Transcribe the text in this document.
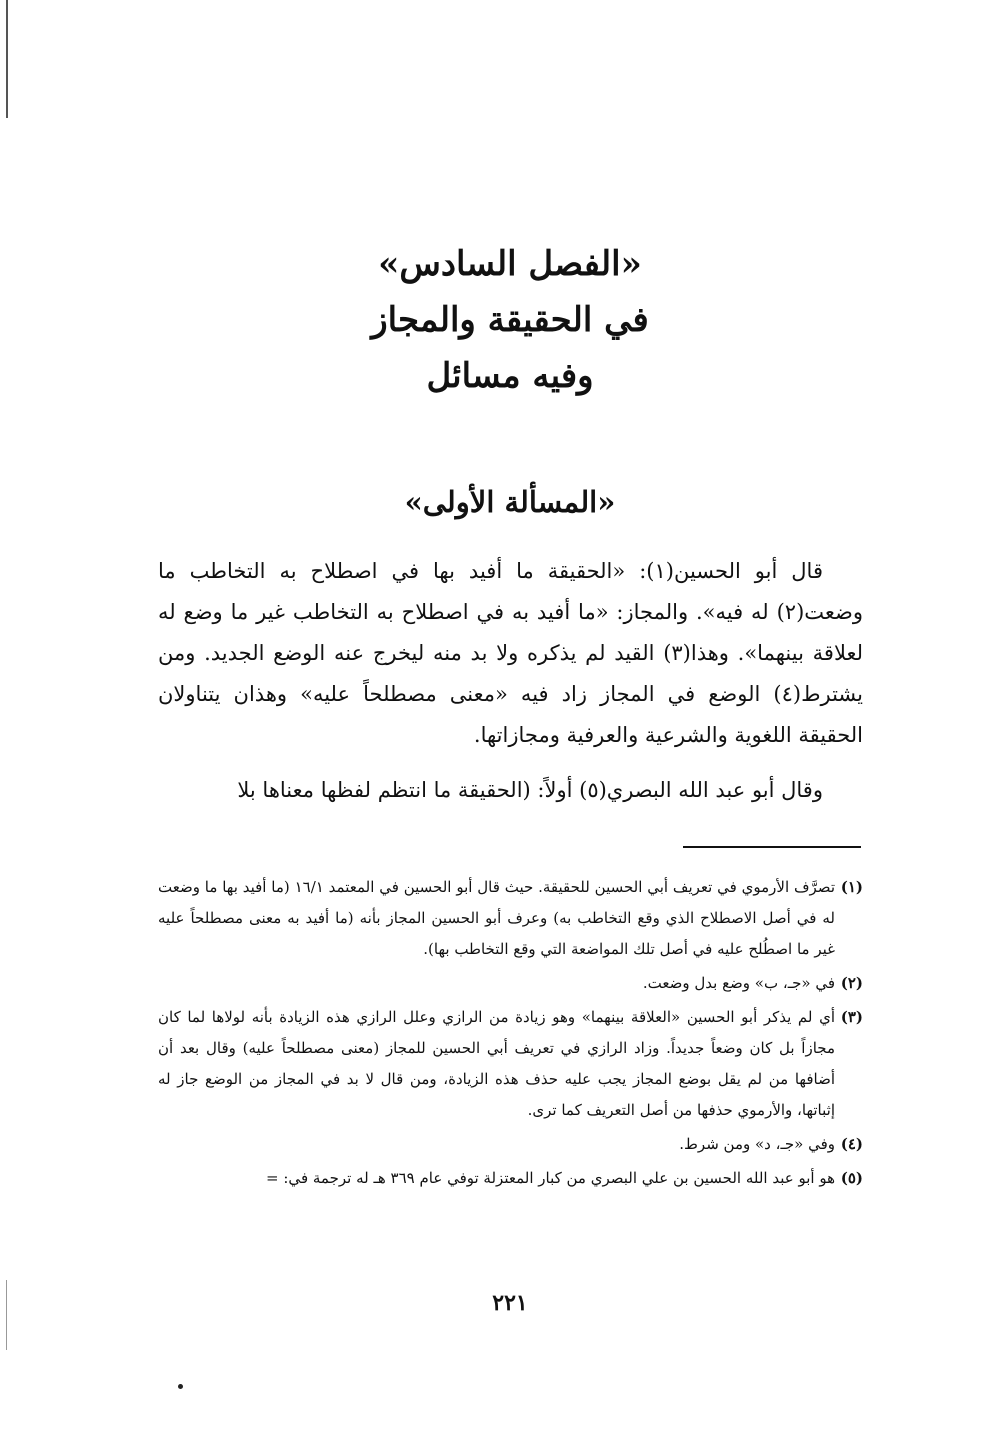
«الفصل السادس»
في الحقيقة والمجاز
وفيه مسائل
«المسألة الأولى»

قال أبو الحسين(١): «الحقيقة ما أفيد بها في اصطلاح به التخاطب ما وضعت(٢) له فيه». والمجاز: «ما أفيد به في اصطلاح به التخاطب غير ما وضع له لعلاقة بينهما». وهذا(٣) القيد لم يذكره ولا بد منه ليخرج عنه الوضع الجديد. ومن يشترط(٤) الوضع في المجاز زاد فيه «معنى مصطلحاً عليه» وهذان يتناولان الحقيقة اللغوية والشرعية والعرفية ومجازاتها.

وقال أبو عبد الله البصري(٥) أولاً: (الحقيقة ما انتظم لفظها معناها بلا

(١)
تصرَّف الأرموي في تعريف أبي الحسين للحقيقة. حيث قال أبو الحسين في المعتمد ١٦/١ (ما أفيد بها ما وضعت له في أصل الاصطلاح الذي وقع التخاطب به) وعرف أبو الحسين المجاز بأنه (ما أفيد به معنى مصطلحاً عليه غير ما اصطُلح عليه في أصل تلك المواضعة التي وقع التخاطب بها).

(٢)
في «جـ، ب» وضع بدل وضعت.

(٣)
أي لم يذكر أبو الحسين «العلاقة بينهما» وهو زيادة من الرازي وعلل الرازي هذه الزيادة بأنه لولاها لما كان مجازاً بل كان وضعاً جديداً. وزاد الرازي في تعريف أبي الحسين للمجاز (معنى مصطلحاً عليه) وقال بعد أن أضافها من لم يقل بوضع المجاز يجب عليه حذف هذه الزيادة، ومن قال لا بد في المجاز من الوضع جاز له إثباتها، والأرموي حذفها من أصل التعريف كما ترى.

(٤)
وفي «جـ، د» ومن شرط.

(٥)
هو أبو عبد الله الحسين بن علي البصري من كبار المعتزلة توفي عام ٣٦٩ هـ له ترجمة في: =

٢٢١
